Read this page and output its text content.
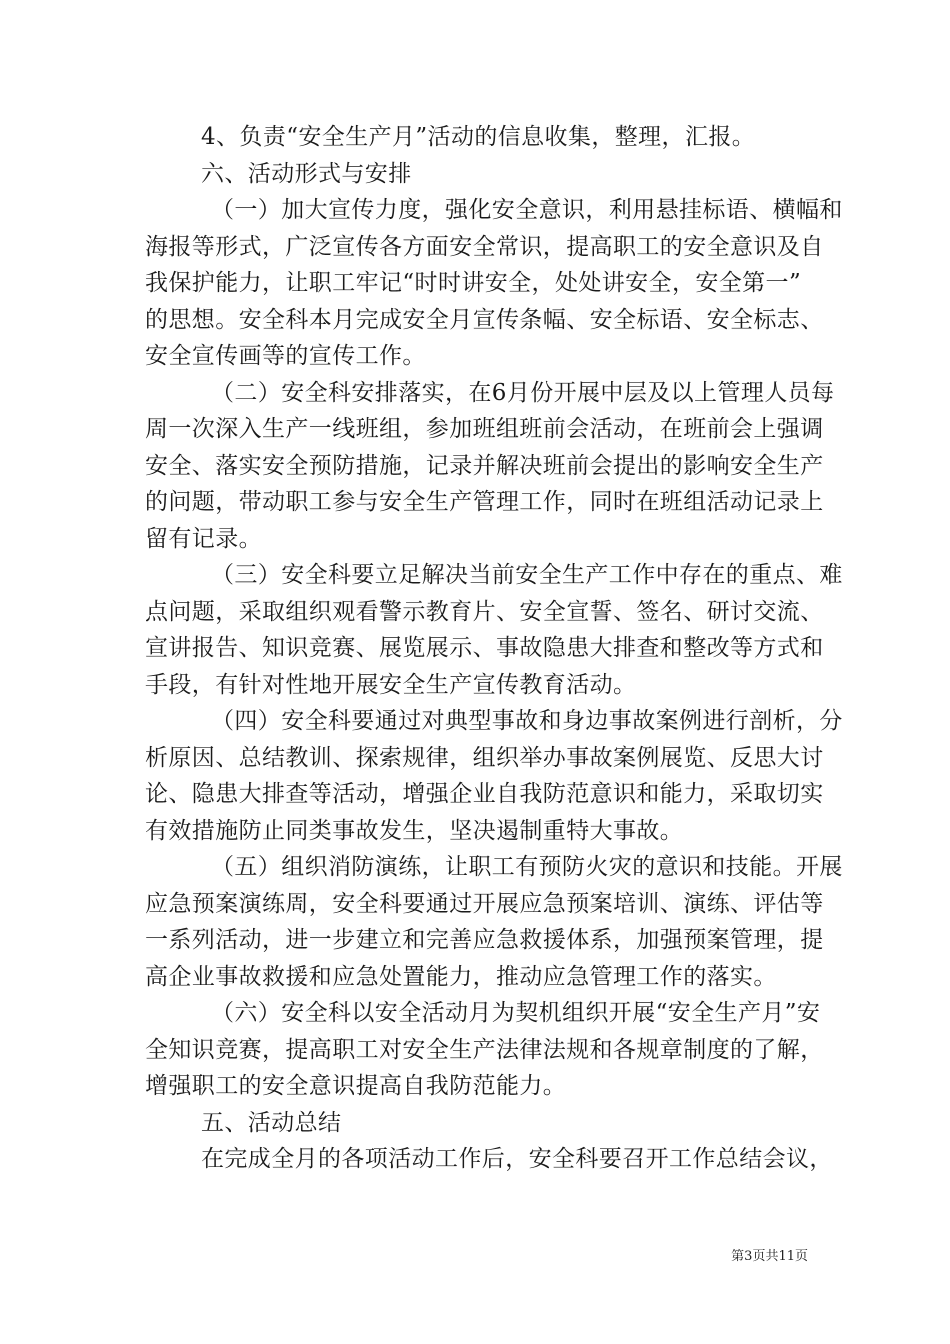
4、负责“安全生产月”活动的信息收集，整理，汇报。
六、活动形式与安排
（一）加大宣传力度，强化安全意识，利用悬挂标语、横幅和
海报等形式，广泛宣传各方面安全常识，提高职工的安全意识及自
我保护能力，让职工牢记“时时讲安全，处处讲安全，安全第一”
的思想。安全科本月完成安全月宣传条幅、安全标语、安全标志、
安全宣传画等的宣传工作。
（二）安全科安排落实，在6月份开展中层及以上管理人员每
周一次深入生产一线班组，参加班组班前会活动，在班前会上强调
安全、落实安全预防措施，记录并解决班前会提出的影响安全生产
的问题，带动职工参与安全生产管理工作，同时在班组活动记录上
留有记录。
（三）安全科要立足解决当前安全生产工作中存在的重点、难
点问题，采取组织观看警示教育片、安全宣誓、签名、研讨交流、
宣讲报告、知识竞赛、展览展示、事故隐患大排查和整改等方式和
手段，有针对性地开展安全生产宣传教育活动。
（四）安全科要通过对典型事故和身边事故案例进行剖析，分
析原因、总结教训、探索规律，组织举办事故案例展览、反思大讨
论、隐患大排查等活动，增强企业自我防范意识和能力，采取切实
有效措施防止同类事故发生，坚决遏制重特大事故。
（五）组织消防演练，让职工有预防火灾的意识和技能。开展
应急预案演练周，安全科要通过开展应急预案培训、演练、评估等
一系列活动，进一步建立和完善应急救援体系，加强预案管理，提
高企业事故救援和应急处置能力，推动应急管理工作的落实。
（六）安全科以安全活动月为契机组织开展“安全生产月”安
全知识竞赛，提高职工对安全生产法律法规和各规章制度的了解，
增强职工的安全意识提高自我防范能力。
五、活动总结
在完成全月的各项活动工作后，安全科要召开工作总结会议，
第3页共11页
